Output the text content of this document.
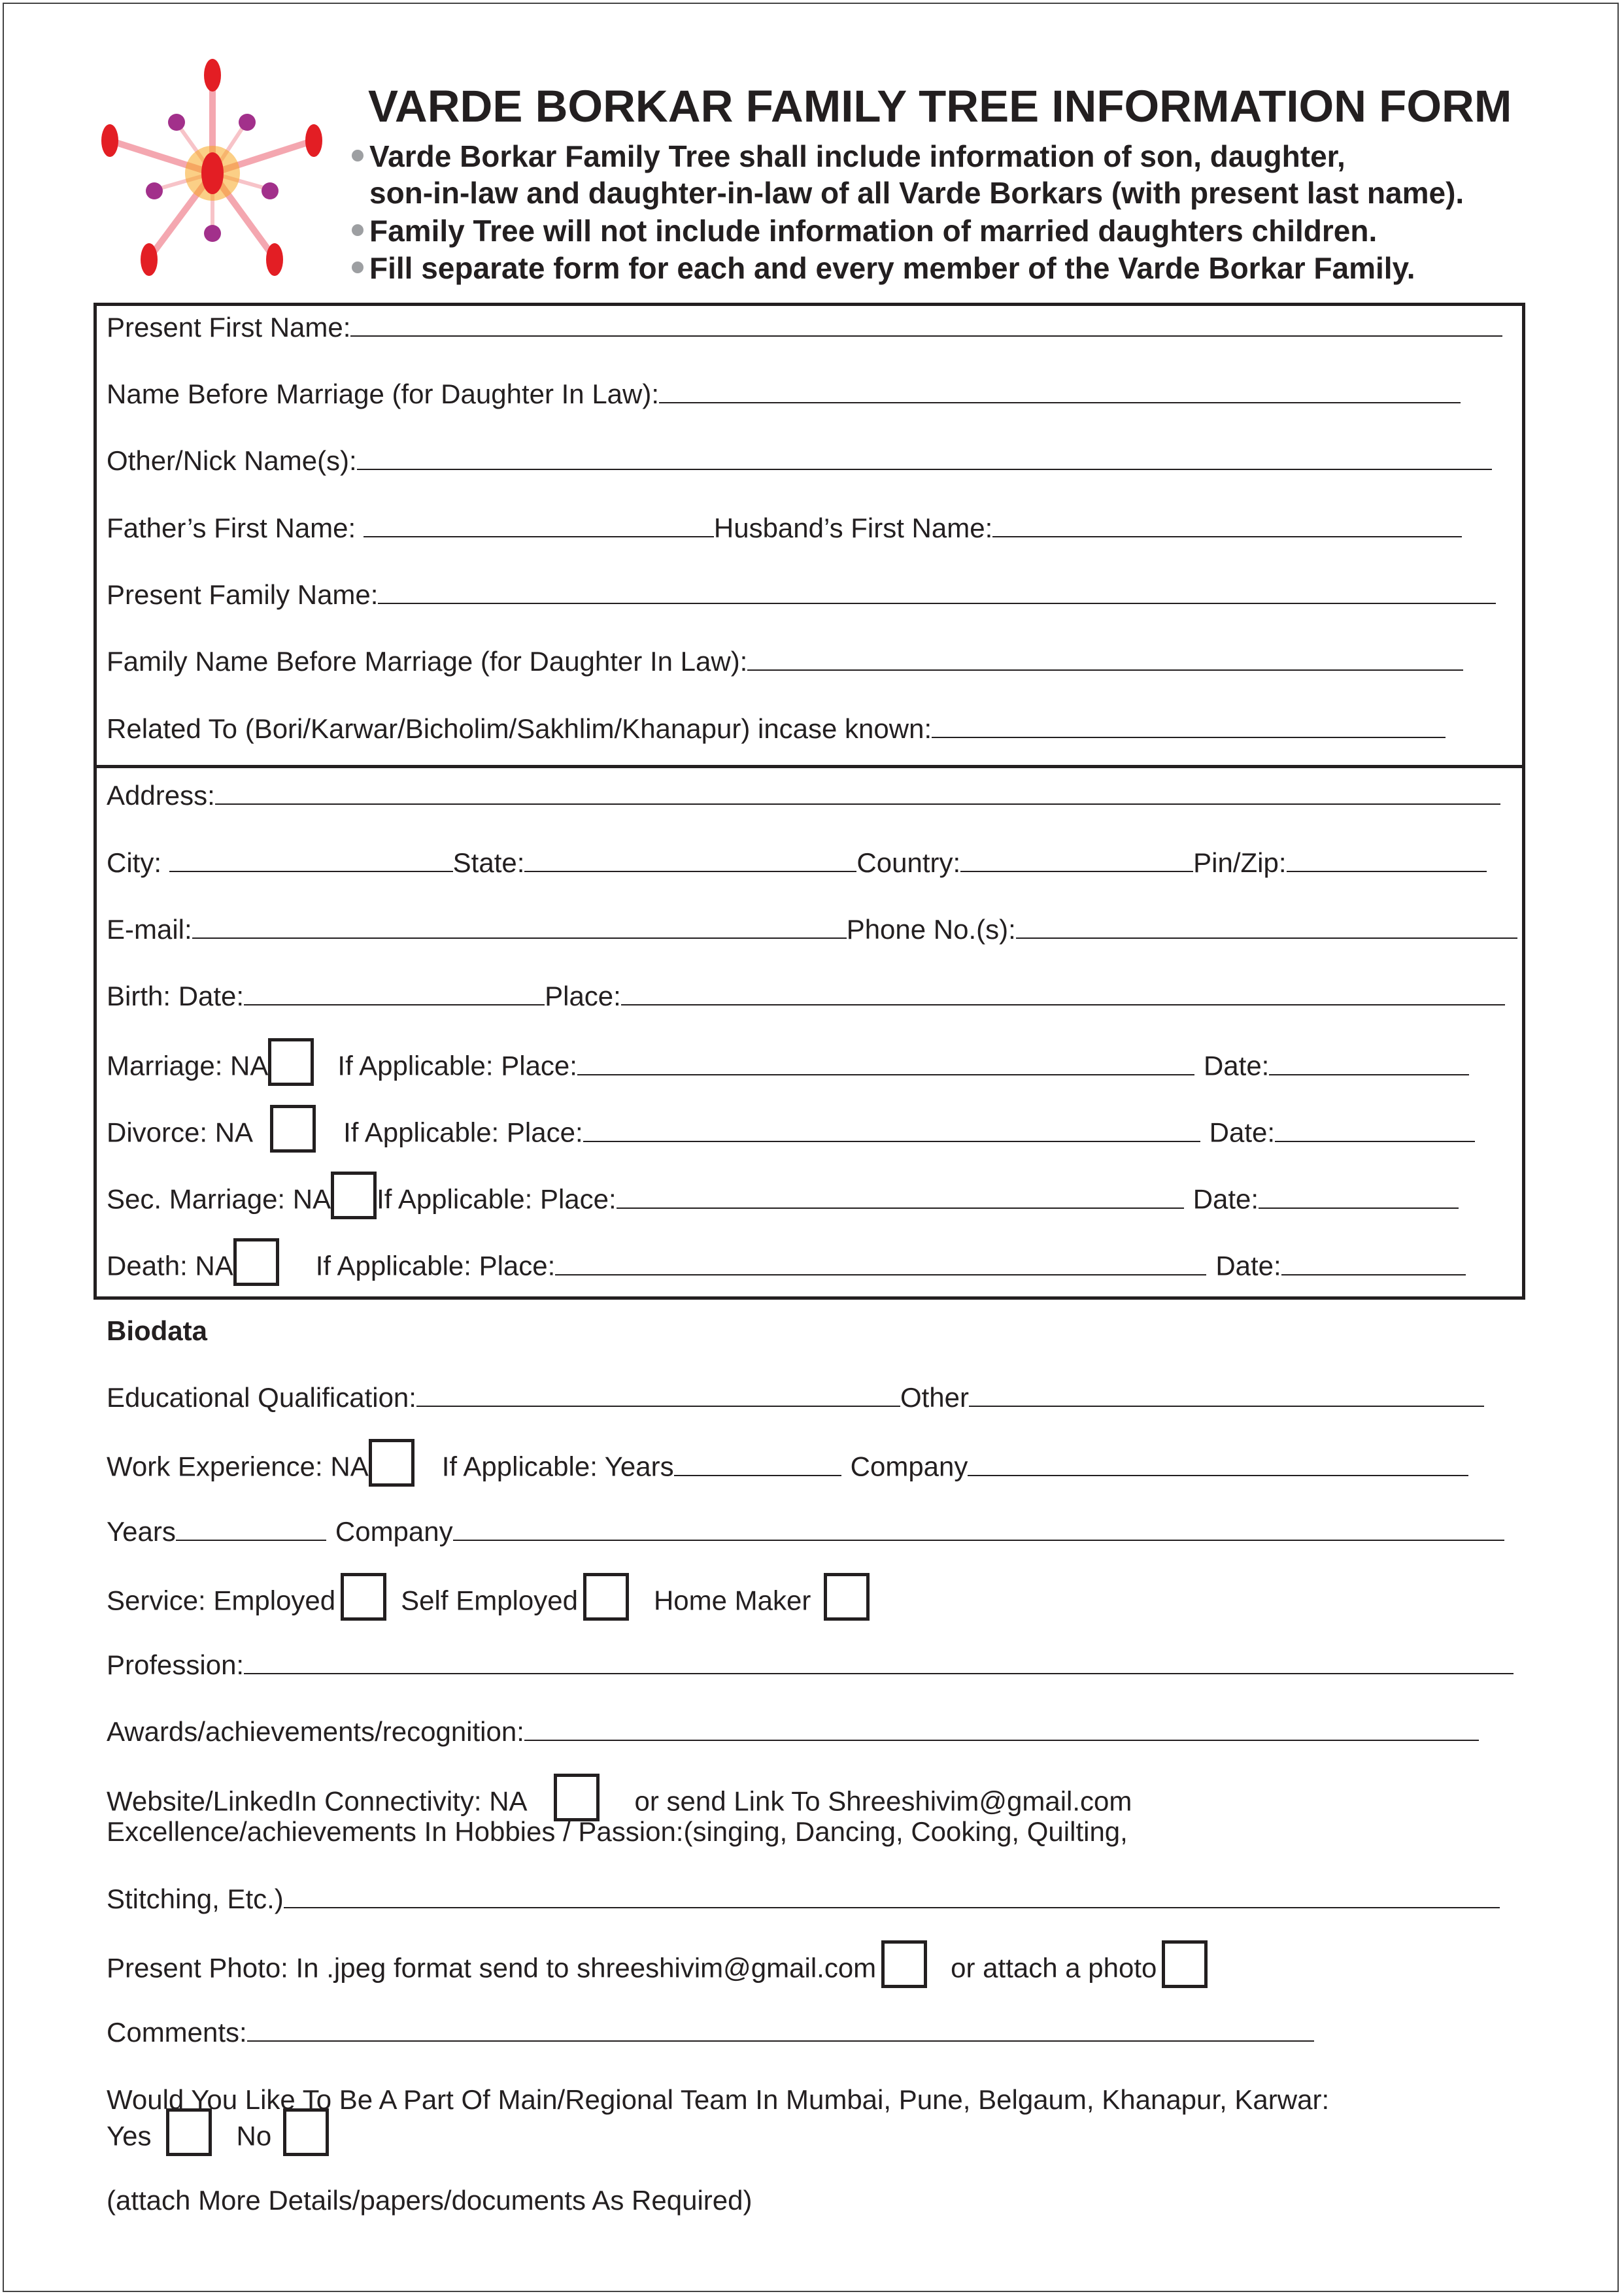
VARDE BORKAR FAMILY TREE INFORMATION FORM
Varde Borkar Family Tree shall include information of son, daughter,
son-in-law and daughter-in-law of all Varde Borkars (with present last name).
Family Tree will not include information of married daughters children.
Fill separate form for each and every member of the Varde Borkar Family.
Present First Name:
Name Before Marriage (for Daughter In Law):
Other/Nick Name(s):
Father’s First Name:	Husband’s First Name:
Present Family Name:
Family Name Before Marriage (for Daughter In Law):
Related To (Bori/Karwar/Bicholim/Sakhlim/Khanapur) incase known:
Address:
City:	State:	Country:	Pin/Zip:
E-mail:	Phone No.(s):
Birth: Date:	Place:
Marriage: NA	If Applicable: Place:	Date:
Divorce: NA	If Applicable: Place:	Date:
Sec. Marriage: NA If Applicable: Place:	Date:
Death: NA	If Applicable: Place:	Date:
Biodata
Educational Qualification:	Other
Work Experience: NA	If Applicable: Years	Company
Years	Company
Service: Employed Self Employed	Home Maker
Profession:
Awards/achievements/recognition:
Website/LinkedIn Connectivity: NA	or send Link To Shreeshivim@gmail.com
Excellence/achievements In Hobbies / Passion:(singing, Dancing, Cooking, Quilting,
Stitching, Etc.)
Present Photo: In .jpeg format send to shreeshivim@gmail.com	or attach a photo
Comments:
Would You Like To Be A Part Of Main/Regional Team In Mumbai, Pune, Belgaum, Khanapur, Karwar:
Yes	No
(attach More Details/papers/documents As Required)
